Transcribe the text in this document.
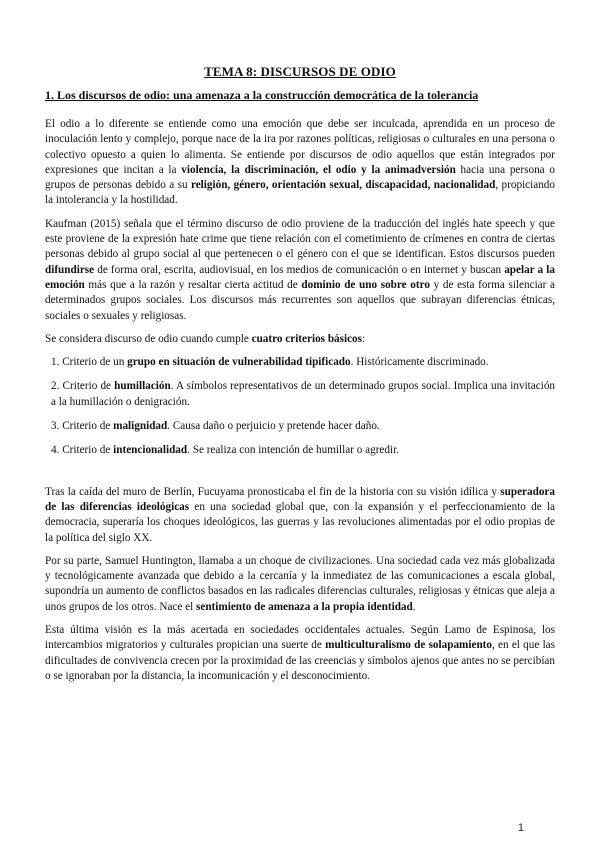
TEMA 8: DISCURSOS DE ODIO
1. Los discursos de odio: una amenaza a la construcción democrática de la tolerancia

El odio a lo diferente se entiende como una emoción que debe ser inculcada, aprendida en un proceso de inoculación lento y complejo, porque nace de la ira por razones políticas, religiosas o culturales en una persona o colectivo opuesto a quien lo alimenta. Se entiende por discursos de odio aquellos que están integrados por expresiones que incitan a la violencia, la discriminación, el odio y la animadversión hacia una persona o grupos de personas debido a su religión, género, orientación sexual, discapacidad, nacionalidad, propiciando la intolerancia y la hostilidad.

Kaufman (2015) señala que el término discurso de odio proviene de la traducción del inglés hate speech y que este proviene de la expresión hate crime que tiene relación con el cometimiento de crímenes en contra de ciertas personas debido al grupo social al que pertenecen o el género con el que se identifican. Estos discursos pueden difundirse de forma oral, escrita, audiovisual, en los medios de comunicación o en internet y buscan apelar a la emoción más que a la razón y resaltar cierta actitud de dominio de uno sobre otro y de esta forma silenciar a determinados grupos sociales. Los discursos más recurrentes son aquellos que subrayan diferencias étnicas, sociales o sexuales y religiosas.

Se considera discurso de odio cuando cumple cuatro criterios básicos:

1. Criterio de un grupo en situación de vulnerabilidad tipificado. Históricamente discriminado.
2. Criterio de humillación. A símbolos representativos de un determinado grupos social. Implica una invitación a la humillación o denigración.
3. Criterio de malignidad. Causa daño o perjuicio y pretende hacer daño.
4. Criterio de intencionalidad. Se realiza con intención de humillar o agredir.

Tras la caída del muro de Berlín, Fucuyama pronosticaba el fin de la historia con su visión idílica y superadora de las diferencias ideológicas en una sociedad global que, con la expansión y el perfeccionamiento de la democracia, superaría los choques ideológicos, las guerras y las revoluciones alimentadas por el odio propias de la política del siglo XX.

Por su parte, Samuel Huntington, llamaba a un choque de civilizaciones. Una sociedad cada vez más globalizada y tecnológicamente avanzada que debido a la cercanía y la inmediatez de las comunicaciones a escala global, supondría un aumento de conflictos basados en las radicales diferencias culturales, religiosas y étnicas que aleja a unos grupos de los otros. Nace el sentimiento de amenaza a la propia identidad.

Esta última visión es la más acertada en sociedades occidentales actuales. Según Lamo de Espinosa, los intercambios migratorios y culturales propician una suerte de multiculturalismo de solapamiento, en el que las dificultades de convivencia crecen por la proximidad de las creencias y símbolos ajenos que antes no se percibían o se ignoraban por la distancia, la incomunicación y el desconocimiento.

1
